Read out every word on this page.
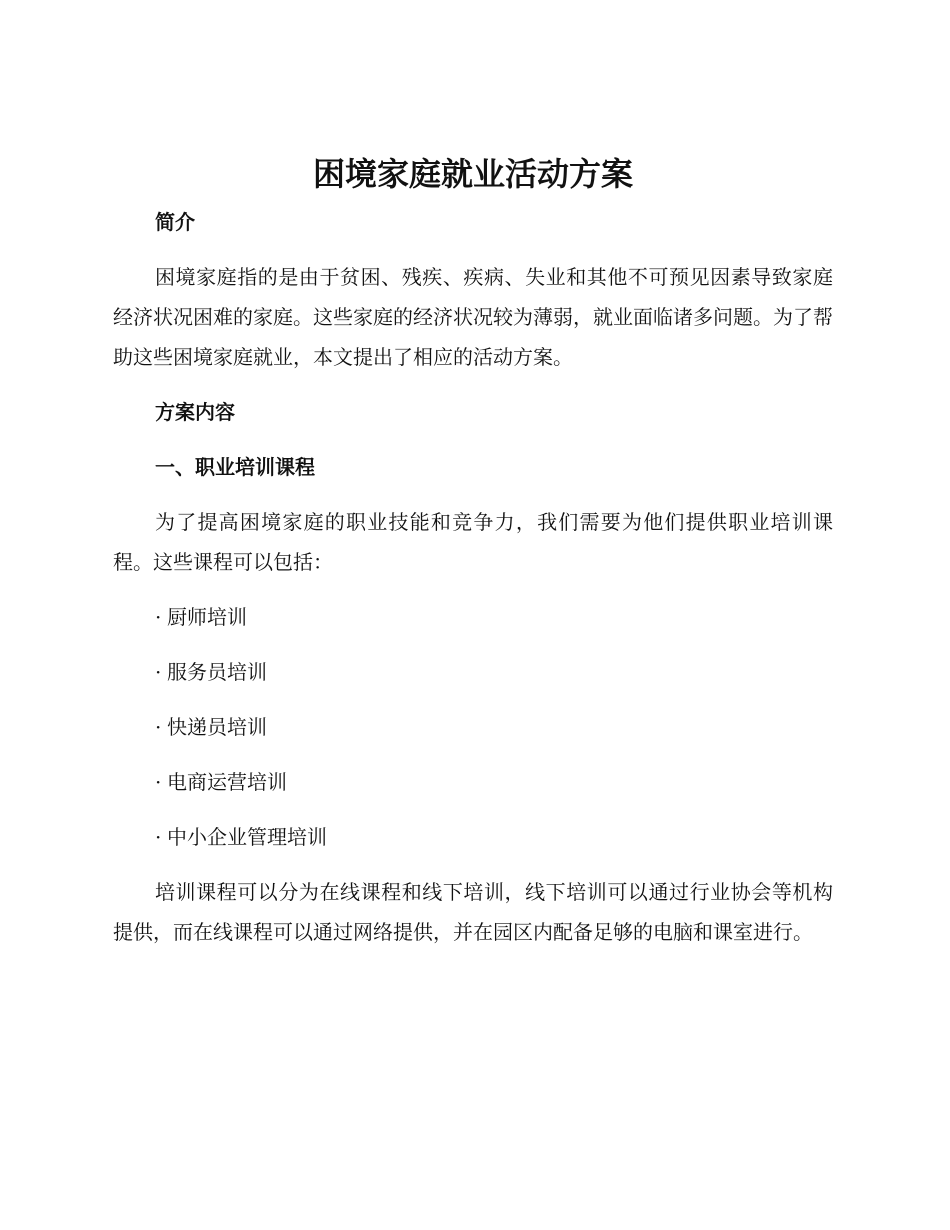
困境家庭就业活动方案
简介

困境家庭指的是由于贫困、残疾、疾病、失业和其他不可预见因素导致家庭经济状况困难的家庭。这些家庭的经济状况较为薄弱，就业面临诸多问题。为了帮助这些困境家庭就业，本文提出了相应的活动方案。

方案内容
一、职业培训课程

为了提高困境家庭的职业技能和竞争力，我们需要为他们提供职业培训课程。这些课程可以包括：

· 厨师培训
· 服务员培训
· 快递员培训
· 电商运营培训
· 中小企业管理培训

培训课程可以分为在线课程和线下培训，线下培训可以通过行业协会等机构提供，而在线课程可以通过网络提供，并在园区内配备足够的电脑和课室进行。
